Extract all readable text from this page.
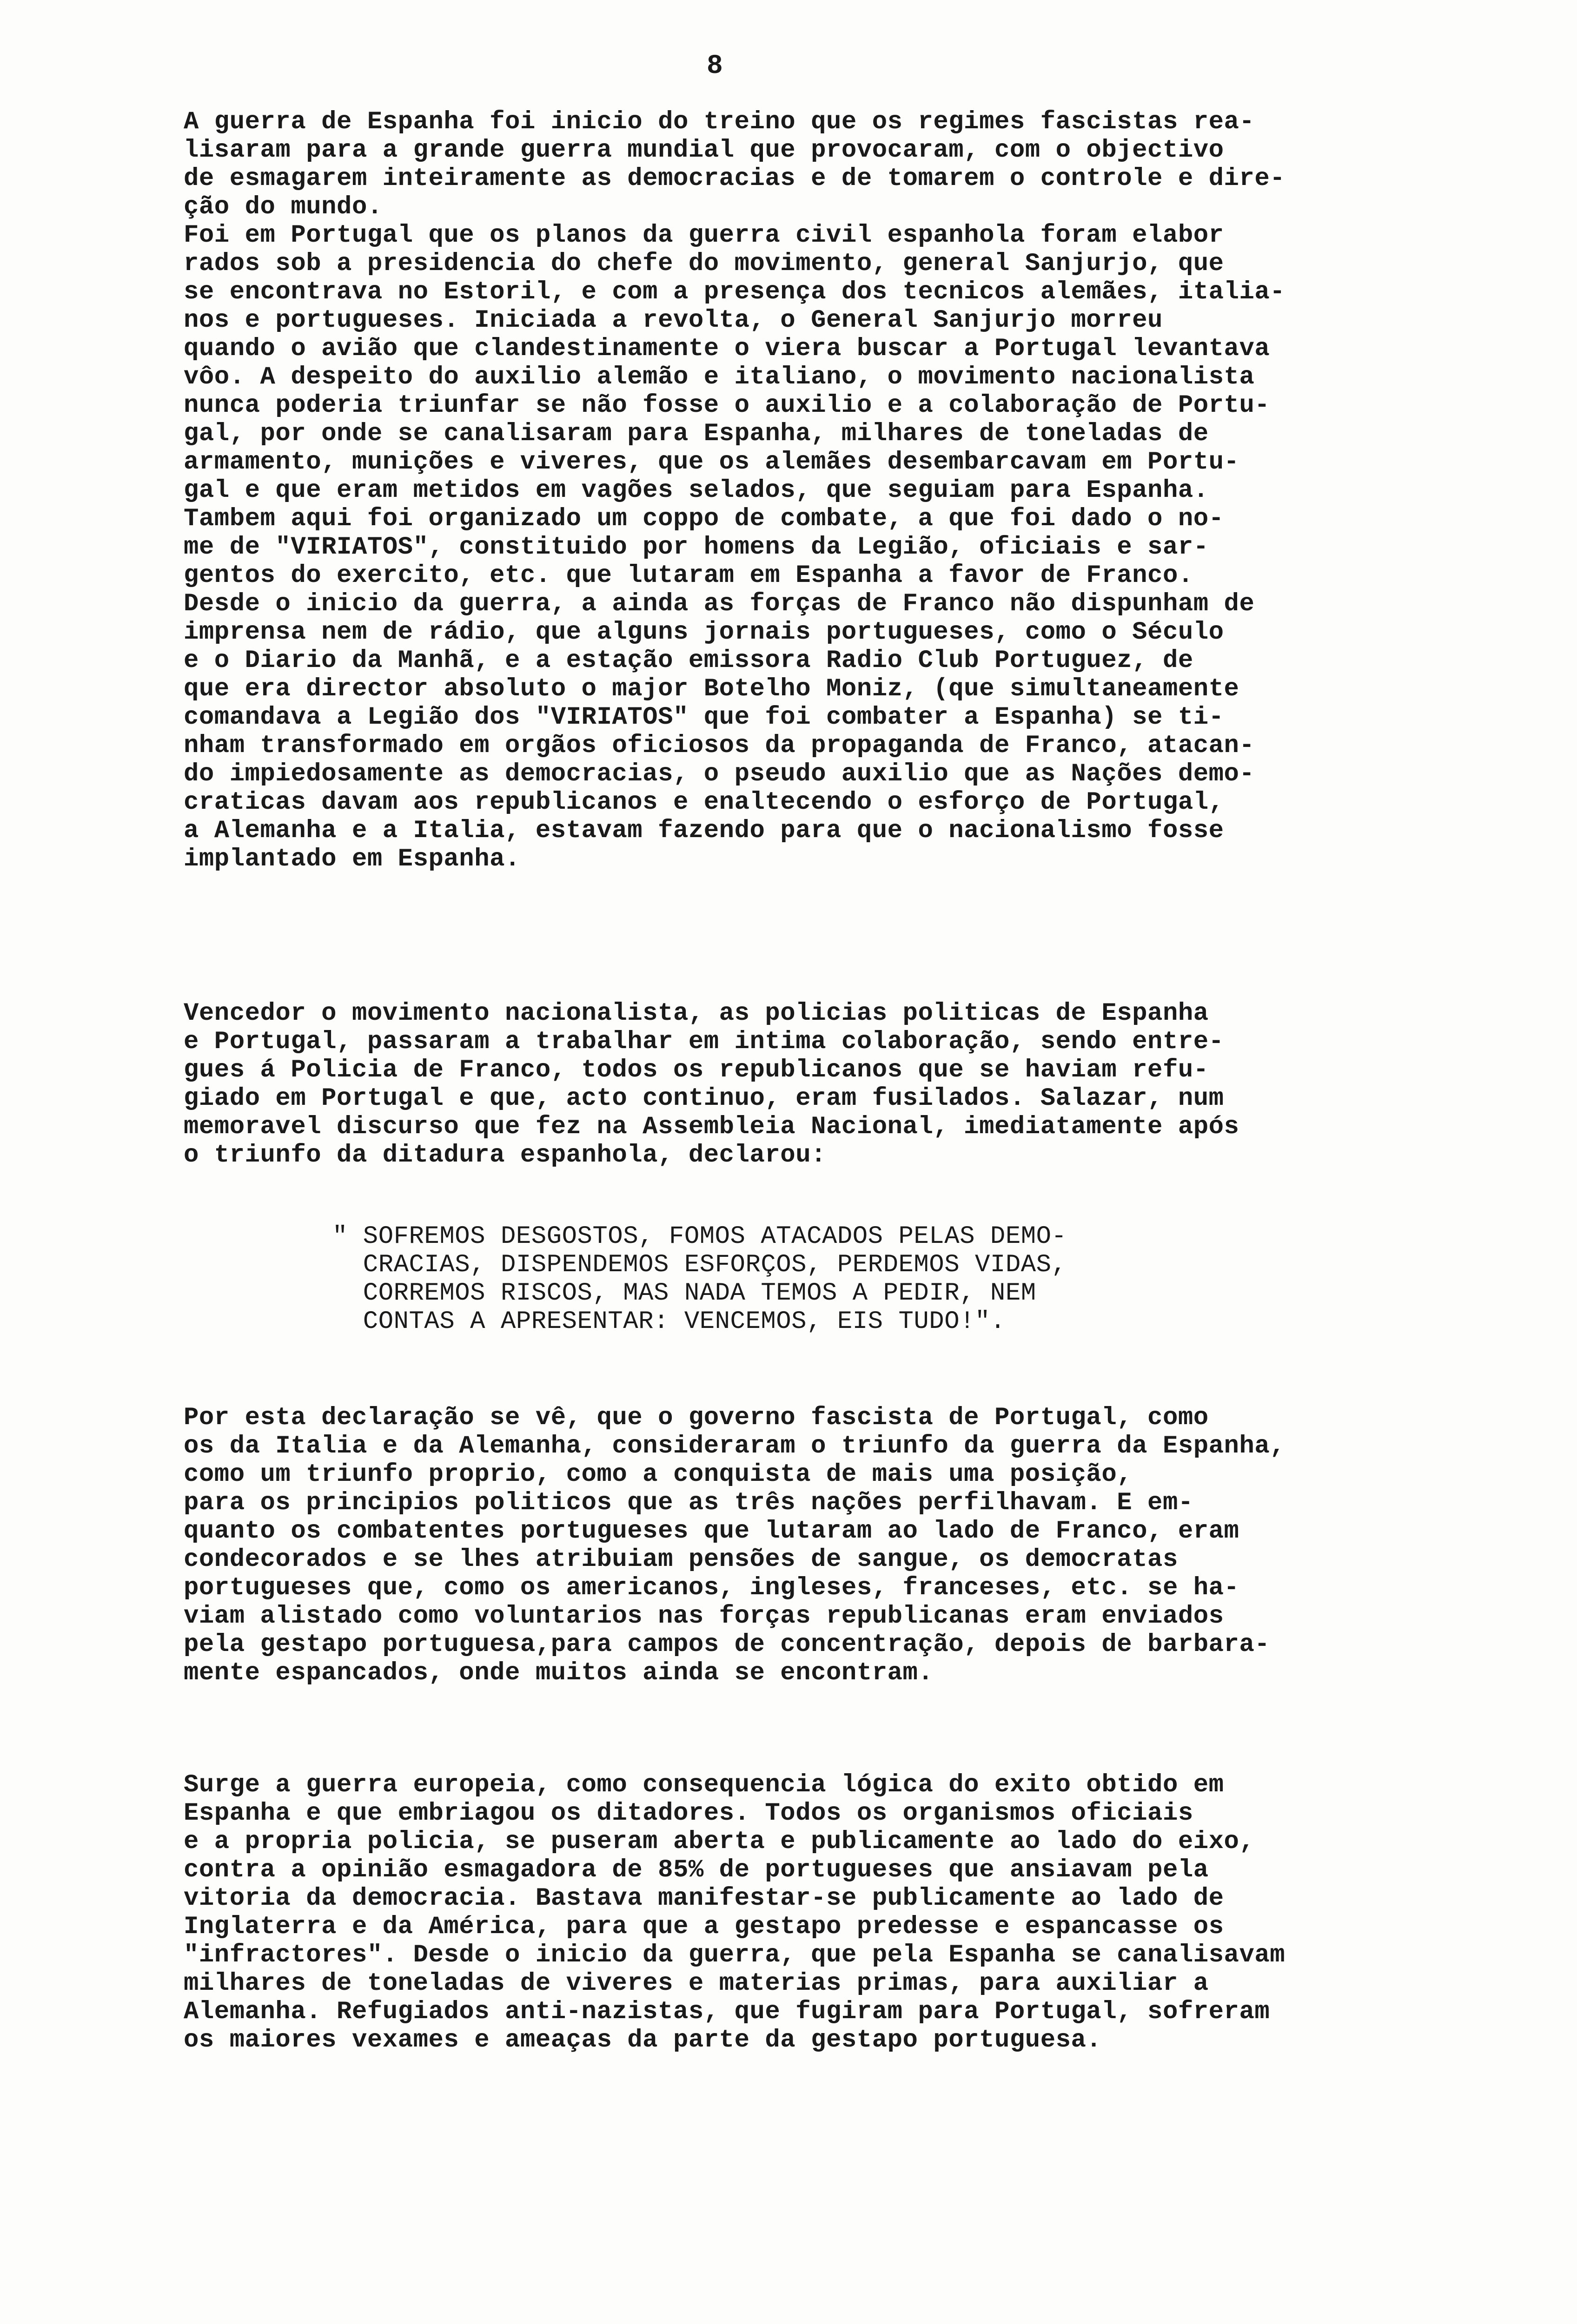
8
A guerra de Espanha foi inicio do treino que os regimes fascistas rea-
lisaram para a grande guerra mundial que provocaram, com o objectivo
de esmagarem inteiramente as democracias e de tomarem o controle e dire-
ção do mundo.
Foi em Portugal que os planos da guerra civil espanhola foram elabor
rados sob a presidencia do chefe do movimento, general Sanjurjo, que
se encontrava no Estoril, e com a presença dos tecnicos alemães, italia-
nos e portugueses. Iniciada a revolta, o General Sanjurjo morreu
quando o avião que clandestinamente o viera buscar a Portugal levantava
vôo. A despeito do auxilio alemão e italiano, o movimento nacionalista
nunca poderia triunfar se não fosse o auxilio e a colaboração de Portu-
gal, por onde se canalisaram para Espanha, milhares de toneladas de
armamento, munições e viveres, que os alemães desembarcavam em Portu-
gal e que eram metidos em vagões selados, que seguiam para Espanha.
Tambem aqui foi organizado um coppo de combate, a que foi dado o no-
me de "VIRIATOS", constituido por homens da Legião, oficiais e sar-
gentos do exercito, etc. que lutaram em Espanha a favor de Franco.
Desde o inicio da guerra, a ainda as forças de Franco não dispunham de
imprensa nem de rádio, que alguns jornais portugueses, como o Século
e o Diario da Manhã, e a estação emissora Radio Club Portuguez, de
que era director absoluto o major Botelho Moniz, (que simultaneamente
comandava a Legião dos "VIRIATOS" que foi combater a Espanha) se ti-
nham transformado em orgãos oficiosos da propaganda de Franco, atacan-
do impiedosamente as democracias, o pseudo auxilio que as Nações demo-
craticas davam aos republicanos e enaltecendo o esforço de Portugal,
a Alemanha e a Italia, estavam fazendo para que o nacionalismo fosse
implantado em Espanha.
Vencedor o movimento nacionalista, as policias politicas de Espanha
e Portugal, passaram a trabalhar em intima colaboração, sendo entre-
gues á Policia de Franco, todos os republicanos que se haviam refu-
giado em Portugal e que, acto continuo, eram fusilados. Salazar, num
memoravel discurso que fez na Assembleia Nacional, imediatamente após
o triunfo da ditadura espanhola, declarou:
" SOFREMOS DESGOSTOS, FOMOS ATACADOS PELAS DEMO-
CRACIAS, DISPENDEMOS ESFORÇOS, PERDEMOS VIDAS,
CORREMOS RISCOS, MAS NADA TEMOS A PEDIR, NEM
CONTAS A APRESENTAR: VENCEMOS, EIS TUDO!".
Por esta declaração se vê, que o governo fascista de Portugal, como
os da Italia e da Alemanha, consideraram o triunfo da guerra da Espanha,
como um triunfo proprio, como a conquista de mais uma posição,
para os principios politicos que as três nações perfilhavam. E em-
quanto os combatentes portugueses que lutaram ao lado de Franco, eram
condecorados e se lhes atribuiam pensões de sangue, os democratas
portugueses que, como os americanos, ingleses, franceses, etc. se ha-
viam alistado como voluntarios nas forças republicanas eram enviados
pela gestapo portuguesa,para campos de concentração, depois de barbara-
mente espancados, onde muitos ainda se encontram.
Surge a guerra europeia, como consequencia lógica do exito obtido em
Espanha e que embriagou os ditadores. Todos os organismos oficiais
e a propria policia, se puseram aberta e publicamente ao lado do eixo,
contra a opinião esmagadora de 85% de portugueses que ansiavam pela
vitoria da democracia. Bastava manifestar-se publicamente ao lado de
Inglaterra e da América, para que a gestapo predesse e espancasse os
"infractores". Desde o inicio da guerra, que pela Espanha se canalisavam
milhares de toneladas de viveres e materias primas, para auxiliar a
Alemanha. Refugiados anti-nazistas, que fugiram para Portugal, sofreram
os maiores vexames e ameaças da parte da gestapo portuguesa.
